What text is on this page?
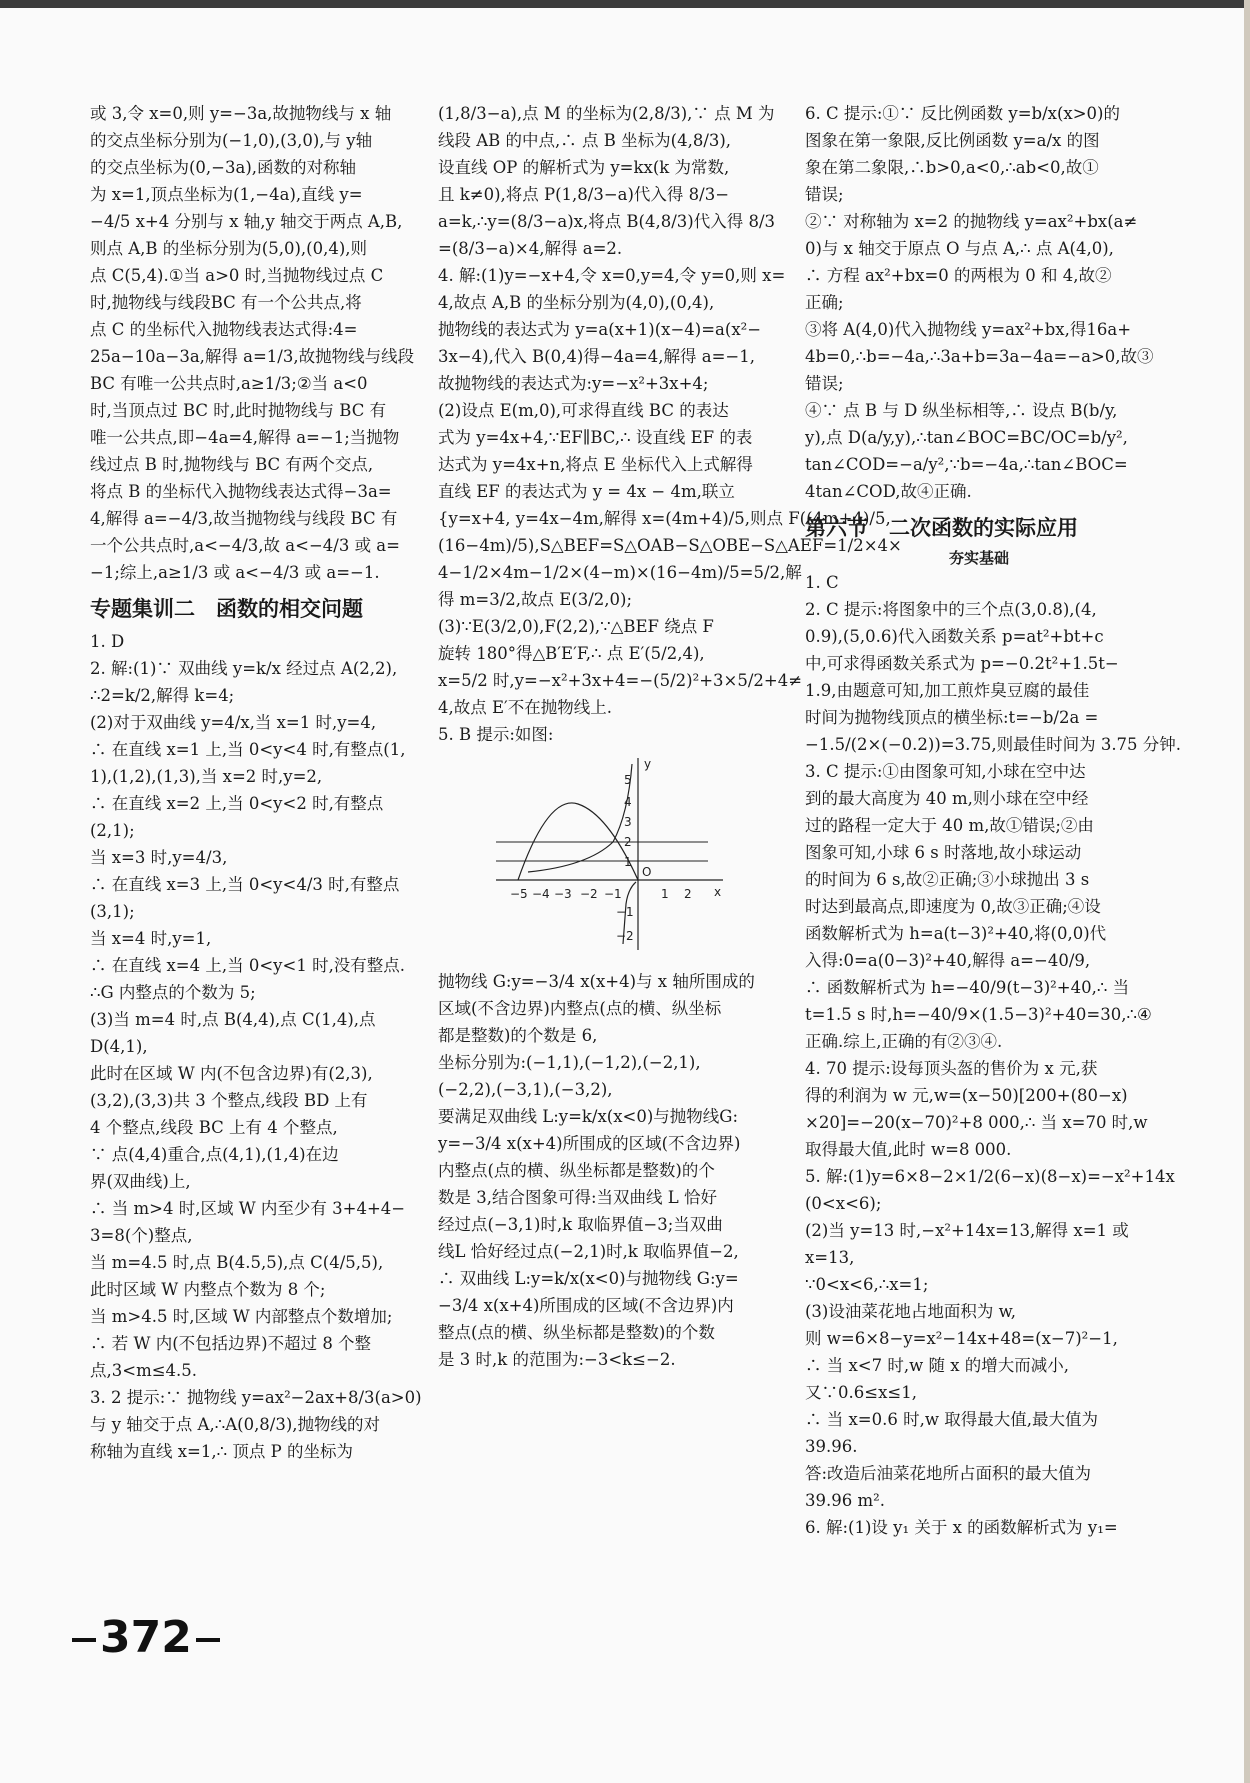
或 3,令 x=0,则 y=−3a,故抛物线与 x 轴
的交点坐标分别为(−1,0),(3,0),与 y轴
的交点坐标为(0,−3a),函数的对称轴
为 x=1,顶点坐标为(1,−4a),直线 y=
−4/5 x+4 分别与 x 轴,y 轴交于两点 A,B,
则点 A,B 的坐标分别为(5,0),(0,4),则
点 C(5,4).①当 a>0 时,当抛物线过点 C
时,抛物线与线段BC 有一个公共点,将
点 C 的坐标代入抛物线表达式得:4=
25a−10a−3a,解得 a=1/3,故抛物线与线段
BC 有唯一公共点时,a≥1/3;②当 a<0
时,当顶点过 BC 时,此时抛物线与 BC 有
唯一公共点,即−4a=4,解得 a=−1;当抛物
线过点 B 时,抛物线与 BC 有两个交点,
将点 B 的坐标代入抛物线表达式得−3a=
4,解得 a=−4/3,故当抛物线与线段 BC 有
一个公共点时,a<−4/3,故 a<−4/3 或 a=
−1;综上,a≥1/3 或 a<−4/3 或 a=−1.
专题集训二　函数的相交问题
1. D
2. 解:(1)∵ 双曲线 y=k/x 经过点 A(2,2),
∴2=k/2,解得 k=4;
(2)对于双曲线 y=4/x,当 x=1 时,y=4,
∴ 在直线 x=1 上,当 0<y<4 时,有整点(1,
1),(1,2),(1,3),当 x=2 时,y=2,
∴ 在直线 x=2 上,当 0<y<2 时,有整点
(2,1);
当 x=3 时,y=4/3,
∴ 在直线 x=3 上,当 0<y<4/3 时,有整点
(3,1);
当 x=4 时,y=1,
∴ 在直线 x=4 上,当 0<y<1 时,没有整点.
∴G 内整点的个数为 5;
(3)当 m=4 时,点 B(4,4),点 C(1,4),点
D(4,1),
此时在区域 W 内(不包含边界)有(2,3),
(3,2),(3,3)共 3 个整点,线段 BD 上有
4 个整点,线段 BC 上有 4 个整点,
∵ 点(4,4)重合,点(4,1),(1,4)在边
界(双曲线)上,
∴ 当 m>4 时,区域 W 内至少有 3+4+4−
3=8(个)整点,
当 m=4.5 时,点 B(4.5,5),点 C(4/5,5),
此时区域 W 内整点个数为 8 个;
当 m>4.5 时,区域 W 内部整点个数增加;
∴ 若 W 内(不包括边界)不超过 8 个整
点,3<m≤4.5.
3. 2 提示:∵ 抛物线 y=ax²−2ax+8/3(a>0)
与 y 轴交于点 A,∴A(0,8/3),抛物线的对
称轴为直线 x=1,∴ 顶点 P 的坐标为
(1,8/3−a),点 M 的坐标为(2,8/3),∵ 点 M 为
线段 AB 的中点,∴ 点 B 坐标为(4,8/3),
设直线 OP 的解析式为 y=kx(k 为常数,
且 k≠0),将点 P(1,8/3−a)代入得 8/3−
a=k,∴y=(8/3−a)x,将点 B(4,8/3)代入得 8/3
=(8/3−a)×4,解得 a=2.
4. 解:(1)y=−x+4,令 x=0,y=4,令 y=0,则 x=
4,故点 A,B 的坐标分别为(4,0),(0,4),
抛物线的表达式为 y=a(x+1)(x−4)=a(x²−
3x−4),代入 B(0,4)得−4a=4,解得 a=−1,
故抛物线的表达式为:y=−x²+3x+4;
(2)设点 E(m,0),可求得直线 BC 的表达
式为 y=4x+4,∵EF∥BC,∴ 设直线 EF 的表
达式为 y=4x+n,将点 E 坐标代入上式解得
直线 EF 的表达式为 y = 4x − 4m,联立
{y=x+4, y=4x−4m,解得 x=(4m+4)/5,则点 F((4m+4)/5,
(16−4m)/5),S△BEF=S△OAB−S△OBE−S△AEF=1/2×4×
4−1/2×4m−1/2×(4−m)×(16−4m)/5=5/2,解
得 m=3/2,故点 E(3/2,0);
(3)∵E(3/2,0),F(2,2),∵△BEF 绕点 F
旋转 180°得△B′E′F,∴ 点 E′(5/2,4),
x=5/2 时,y=−x²+3x+4=−(5/2)²+3×5/2+4≠
4,故点 E′不在抛物线上.
5. B 提示:如图:
−5 −4 −3 −2 −1	1 2 x
5
4
3
2
1
−1
−2
y
O
抛物线 G:y=−3/4 x(x+4)与 x 轴所围成的
区域(不含边界)内整点(点的横、纵坐标
都是整数)的个数是 6,
坐标分别为:(−1,1),(−1,2),(−2,1),
(−2,2),(−3,1),(−3,2),
要满足双曲线 L:y=k/x(x<0)与抛物线G:
y=−3/4 x(x+4)所围成的区域(不含边界)
内整点(点的横、纵坐标都是整数)的个
数是 3,结合图象可得:当双曲线 L 恰好
经过点(−3,1)时,k 取临界值−3;当双曲
线L 恰好经过点(−2,1)时,k 取临界值−2,
∴ 双曲线 L:y=k/x(x<0)与抛物线 G:y=
−3/4 x(x+4)所围成的区域(不含边界)内
整点(点的横、纵坐标都是整数)的个数
是 3 时,k 的范围为:−3<k≤−2.
6. C 提示:①∵ 反比例函数 y=b/x(x>0)的
图象在第一象限,反比例函数 y=a/x 的图
象在第二象限,∴b>0,a<0,∴ab<0,故①
错误;
②∵ 对称轴为 x=2 的抛物线 y=ax²+bx(a≠
0)与 x 轴交于原点 O 与点 A,∴ 点 A(4,0),
∴ 方程 ax²+bx=0 的两根为 0 和 4,故②
正确;
③将 A(4,0)代入抛物线 y=ax²+bx,得16a+
4b=0,∴b=−4a,∴3a+b=3a−4a=−a>0,故③
错误;
④∵ 点 B 与 D 纵坐标相等,∴ 设点 B(b/y,
y),点 D(a/y,y),∴tan∠BOC=BC/OC=b/y²,
tan∠COD=−a/y²,∵b=−4a,∴tan∠BOC=
4tan∠COD,故④正确.
第六节　二次函数的实际应用
夯实基础
1. C
2. C 提示:将图象中的三个点(3,0.8),(4,
0.9),(5,0.6)代入函数关系 p=at²+bt+c
中,可求得函数关系式为 p=−0.2t²+1.5t−
1.9,由题意可知,加工煎炸臭豆腐的最佳
时间为抛物线顶点的横坐标:t=−b/2a =
−1.5/(2×(−0.2))=3.75,则最佳时间为 3.75 分钟.
3. C 提示:①由图象可知,小球在空中达
到的最大高度为 40 m,则小球在空中经
过的路程一定大于 40 m,故①错误;②由
图象可知,小球 6 s 时落地,故小球运动
的时间为 6 s,故②正确;③小球抛出 3 s
时达到最高点,即速度为 0,故③正确;④设
函数解析式为 h=a(t−3)²+40,将(0,0)代
入得:0=a(0−3)²+40,解得 a=−40/9,
∴ 函数解析式为 h=−40/9(t−3)²+40,∴ 当
t=1.5 s 时,h=−40/9×(1.5−3)²+40=30,∴④
正确.综上,正确的有②③④.
4. 70 提示:设每顶头盔的售价为 x 元,获
得的利润为 w 元,w=(x−50)[200+(80−x)
×20]=−20(x−70)²+8 000,∴ 当 x=70 时,w
取得最大值,此时 w=8 000.
5. 解:(1)y=6×8−2×1/2(6−x)(8−x)=−x²+14x
(0<x<6);
(2)当 y=13 时,−x²+14x=13,解得 x=1 或
x=13,
∵0<x<6,∴x=1;
(3)设油菜花地占地面积为 w,
则 w=6×8−y=x²−14x+48=(x−7)²−1,
∴ 当 x<7 时,w 随 x 的增大而减小,
又∵0.6≤x≤1,
∴ 当 x=0.6 时,w 取得最大值,最大值为
39.96.
答:改造后油菜花地所占面积的最大值为
39.96 m².
6. 解:(1)设 y₁ 关于 x 的函数解析式为 y₁=
372
